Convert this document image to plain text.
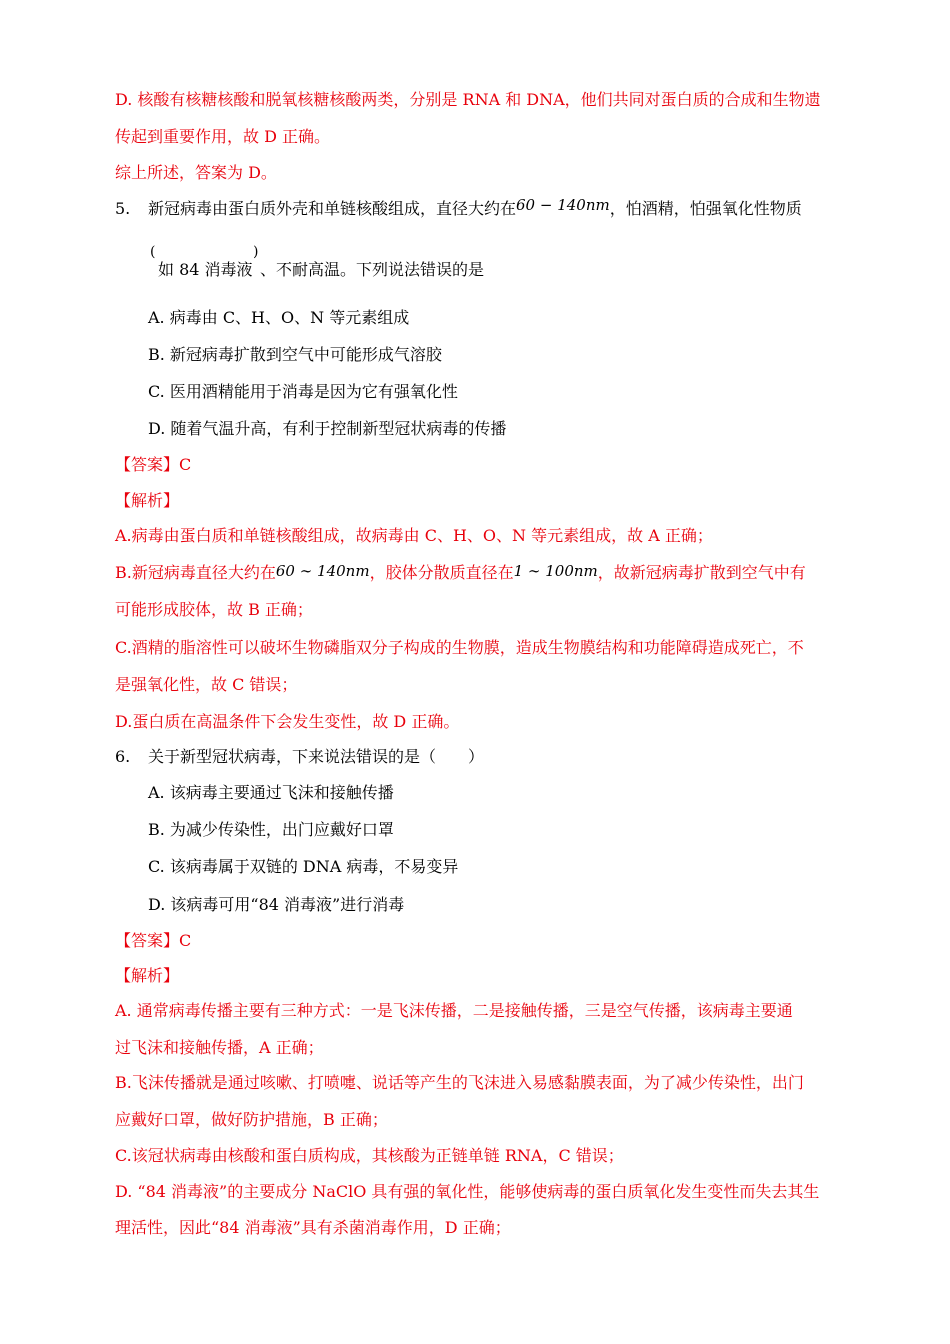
D. 核酸有核糖核酸和脱氧核糖核酸两类，分别是 RNA 和 DNA，他们共同对蛋白质的合成和生物遗
传起到重要作用，故 D 正确。
综上所述，答案为 D。
5. 新冠病毒由蛋白质外壳和单链核酸组成，直径大约在60 − 140nm，怕酒精，怕强氧化性物质
(
如 84 消毒液
)
、不耐高温。下列说法错误的是
A. 病毒由 C、H、O、N 等元素组成
B. 新冠病毒扩散到空气中可能形成气溶胶
C. 医用酒精能用于消毒是因为它有强氧化性
D. 随着气温升高，有利于控制新型冠状病毒的传播
【答案】C
【解析】
A.病毒由蛋白质和单链核酸组成，故病毒由 C、H、O、N 等元素组成，故 A 正确；
B.新冠病毒直径大约在60 ∼ 140nm，胶体分散质直径在1 ∼ 100nm，故新冠病毒扩散到空气中有
可能形成胶体，故 B 正确；
C.酒精的脂溶性可以破坏生物磷脂双分子构成的生物膜，造成生物膜结构和功能障碍造成死亡，不
是强氧化性，故 C 错误；
D.蛋白质在高温条件下会发生变性，故 D 正确。
6. 关于新型冠状病毒，下来说法错误的是（　　）
A. 该病毒主要通过飞沫和接触传播
B. 为减少传染性，出门应戴好口罩
C. 该病毒属于双链的 DNA 病毒，不易变异
D. 该病毒可用“84 消毒液”进行消毒
【答案】C
【解析】
A. 通常病毒传播主要有三种方式：一是飞沫传播，二是接触传播，三是空气传播，该病毒主要通
过飞沫和接触传播，A 正确；
B.飞沫传播就是通过咳嗽、打喷嚏、说话等产生的飞沫进入易感黏膜表面，为了减少传染性，出门
应戴好口罩，做好防护措施，B 正确；
C.该冠状病毒由核酸和蛋白质构成，其核酸为正链单链 RNA，C 错误；
D. “84 消毒液”的主要成分 NaClO 具有强的氧化性，能够使病毒的蛋白质氧化发生变性而失去其生
理活性，因此“84 消毒液”具有杀菌消毒作用，D 正确；
